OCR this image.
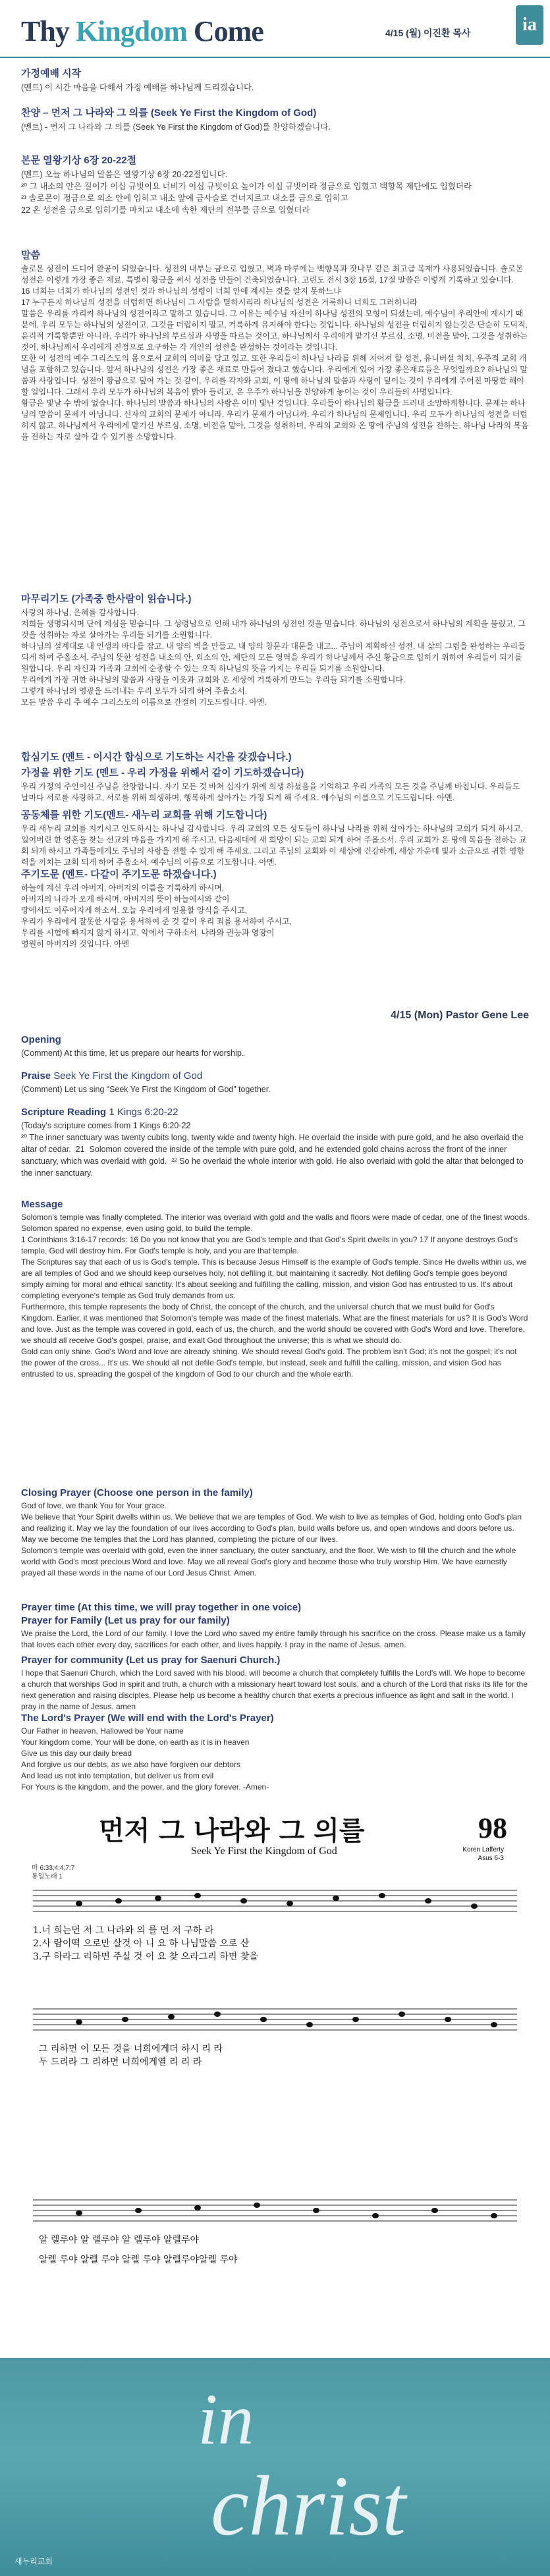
Thy Kingdom Come	4/15 (월) 이진환 목사	ia

가정예배 시작

(멘트) 이 시간 마음을 다해서 가정 예배를 하나님께 드리겠습니다.

찬양 – 먼저 그 나라와 그 의를 (Seek Ye First the Kingdom of God)

(멘트) - 먼저 그 나라와 그 의를 (Seek Ye First the Kingdom of God)를 찬양하겠습니다.

본문 열왕기상 6장 20-22절

(멘트) 오늘 하나님의 말씀은 열왕기상 6장 20-22절입니다.

²⁰ 그 내소의 안은 길이가 이십 규빗이요 너비가 이십 규빗이요 높이가 이십 규빗이라 정금으로 입혔고 백향목 제단에도 입혔더라

²¹ 솔로몬이 정금으로 외소 안에 입히고 내소 앞에 금사슬로 건너지르고 내소를 금으로 입히고

22 온 성전을 금으로 입히기를 마치고 내소에 속한 제단의 전부를 금으로 입혔더라

말씀

솔로몬 성전이 드디어 완공이 되었습니다. 성전의 내부는 금으로 입혔고, 벽과 마루에는 백향목과 잣나무 같은 최고급 목재가 사용되었습니다. 솔로몬 성전은 이렇게 가장 좋은 재료, 특별히 황금을 써서 성전을 만들어 건축되었습니다. 고린도 전서 3장 16절, 17절 말씀은 이렇게 기록하고 있습니다.
16 너희는 너희가 하나님의 성전인 것과 하나님의 성령이 너희 안에 계시는 것을 알지 못하느냐
17 누구든지 하나님의 성전을 더럽히면 하나님이 그 사람을 멸하시리라 하나님의 성전은 거룩하니 너희도 그러하니라
말씀은 우리를 가리켜 하나님의 성전이라고 말하고 있습니다. 그 이유는 예수님 자신이 하나님 성전의 모형이 되셨는데, 예수님이 우리안에 계시기 때문에, 우리 모두는 하나님의 성전이고, 그것을 더럽히지 말고, 거룩하게 유지해야 한다는 것입니다. 하나님의 성전을 더럽히지 않는것은 단순히 도덕적, 윤리적 거룩함뿐만 아니라, 우리가 하나님의 부르심과 사명을 따르는 것이고, 하나님께서 우리에게 맡기신 부르심, 소명, 비전을 맡아, 그것을 성취하는 것이, 하나님께서 우리에게 진정으로 요구하는 각 개인의 성전을 완성하는 것이라는 것입니다.
또한 이 성전의 예수 그리스도의 몸으로서 교회의 의미를 담고 있고, 또한 우리들이 하나님 나라를 위해 지어져 할 성전, 유니버설 처치, 우주적 교회 개념을 포함하고 있습니다. 앞서 하나님의 성전은 가장 좋은 재료로 만들어 졌다고 했습니다. 우리에게 있어 가장 좋은재료들은 무엇일까요? 하나님의 말씀과 사랑입니다. 성전이 황금으로 덮여 가는 것 같이, 우리를 각자와 교회, 이 땅에 하나님의 말씀과 사랑이 덮이는 것이 우리에게 주어진 마땅한 해야 할 일입니다. 그래서 우리 모두가 하나님의 복음이 밝아 들리고, 온 우주가 하나님을 찬양하게 놓이는 것이 우리들의 사명입니다.
황금은 빛날 수 밖에 없습니다. 하나님의 말씀과 하나님의 사랑은 이미 빛난 것입니다. 우리들이 하나님의 황금을 드러내 소망하게합니다. 문제는 하나님의 말씀이 문제가 아닙니다. 신자의 교회의 문제가 아니라, 우리가 문제가 아닙니까. 우리가 하나님의 문제입니다. 우리 모두가 하나님의 성전을 더럽히지 않고, 하나님께서 우리에게 맡기신 부르심, 소명, 비전을 맡아, 그것을 성취하며, 우리의 교회와 온 땅에 주님의 성전을 전하는, 하나님 나라의 복음을 전하는 자로 살아 갈 수 있기를 소망합니다.

마무리기도 (가족중 한사람이 읽습니다.)

사랑의 하나님, 은혜를 감사합니다.
저희들 생명되시며 단에 계심을 믿습니다. 그 성령님으로 인해 내가 하나님의 성전인 것을 믿습니다. 하나님의 성전으로서 하나님의 계획을 불렀고, 그것을 성취하는 자로 살아가는 우리들 되기를 소원합니다.
하나님의 설계대로 내 인생의 바다를 잡고, 내 양의 벽을 만들고, 내 양의 창문과 대문을 내고... 주님이 계획하신 성전, 내 삶의 그림을 완성하는 우리들 되게 하여 주옵소서. 주님의 뜻한 성전을 내소의 안, 외소의 안, 제단의 모든 영역을 우리가 하나님께서 주신 황금으로 입히기 위하여 우리들이 되기를 원합니다. 우리 자신과 가족과 교회에 순종할 수 있는 오직 하나님의 뜻을 가지는 우리들 되기를 소원합니다.
우리에게 가장 귀한 하나님의 말씀과 사랑을 이웃과 교회와 온 세상에 거룩하게 만드는 우리들 되기를 소원합니다.
그렇게 하나님의 영광을 드러내는 우리 모두가 되게 하여 주옵소서.
모든 말씀 우리 주 예수 그리스도의 이름으로 간절히 기도드립니다. 아멘.

합심기도 (멘트 - 이시간 합심으로 기도하는 시간을 갖겠습니다.)

가정을 위한 기도 (멘트 - 우리 가정을 위해서 같이 기도하겠습니다)

우리 가정의 주인이신 주님을 찬양합니다. 자기 모든 것 바쳐 십자가 위에 희생 하셨음을 기억하고 우리 가족의 모든 것을 주님께 바칩니다. 우리들도 날마다 서로를 사랑하고, 서로를 위해 희생하며, 행복하게 살아가는 가정 되게 해 주세요. 예수님의 이름으로 기도드립니다. 아멘.

공동체를 위한 기도(멘트- 새누리 교회를 위해 기도합니다)

우리 새누리 교회를 지키시고 인도하시는 하나님 감사합니다. 우리 교회의 모든 성도들이 하나님 나라를 위해 살아가는 하나님의 교회가 되게 하시고, 일어버린 한 영혼을 찾는 선교의 마음을 가지게 해 주시고, 다음세대에 새 희망이 되는 교회 되게 하여 주옵소서. 우리 교회가 온 땅에 복음을 전하는 교회 되게 하시고 가족들에게도 주님의 사랑을 전할 수 있게 해 주세요. 그리고 주님의 교회와 이 세상에 건강하게, 세상 가운데 빛과 소금으로 귀한 영향력을 끼치는 교회 되게 하여 주옵소서. 예수님의 이름으로 기도합니다. 아멘.

주기도문 (멘트- 다같이 주기도문 하겠습니다.)

하늘에 계신 우리 아버지, 아버지의 이름을 거룩하게 하시며,
아버지의 나라가 오게 하시며, 아버지의 뜻이 하늘에서와 같이
땅에서도 이루어지게 하소서. 오늘 우리에게 일용할 양식을 주시고,
우리가 우리에게 잘못한 사람을 용서하여 준 것 같이 우리 죄를 용서하여 주시고,
우리를 시험에 빠지지 않게 하시고, 악에서 구하소서. 나라와 권능과 영광이
영원히 아버지의 것입니다. 아멘

4/15 (Mon) Pastor Gene Lee

Opening

(Comment) At this time, let us prepare our hearts for worship.

Praise Seek Ye First the Kingdom of God

(Comment) Let us sing “Seek Ye First the Kingdom of God” together.

Scripture Reading 1 Kings 6:20-22

(Today's scripture comes from 1 Kings 6:20-22

²⁰ The inner sanctuary was twenty cubits long, twenty wide and twenty high. He overlaid the inside with pure gold, and he also overlaid the altar of cedar.  21  Solomon covered the inside of the temple with pure gold, and he extended gold chains across the front of the inner sanctuary, which was overlaid with gold.  ²² So he overlaid the whole interior with gold. He also overlaid with gold the altar that belonged to the inner sanctuary.

Message

Solomon's temple was finally completed. The interior was overlaid with gold and the walls and floors were made of cedar, one of the finest woods. Solomon spared no expense, even using gold, to build the temple.
1 Corinthians 3:16-17 records: 16 Do you not know that you are God's temple and that God's Spirit dwells in you? 17 If anyone destroys God's temple, God will destroy him. For God's temple is holy, and you are that temple.
The Scriptures say that each of us is God's temple. This is because Jesus Himself is the example of God's temple. Since He dwells within us, we are all temples of God and we should keep ourselves holy, not defiling it, but maintaining it sacredly. Not defiling God's temple goes beyond simply aiming for moral and ethical sanctity. It's about seeking and fulfilling the calling, mission, and vision God has entrusted to us. It's about completing everyone's temple as God truly demands from us.
Furthermore, this temple represents the body of Christ, the concept of the church, and the universal church that we must build for God's Kingdom. Earlier, it was mentioned that Solomon's temple was made of the finest materials. What are the finest materials for us? It is God's Word and love. Just as the temple was covered in gold, each of us, the church, and the world should be covered with God's Word and love. Therefore, we should all receive God's gospel, praise, and exalt God throughout the universe; this is what we should do.
Gold can only shine. God's Word and love are already shining. We should reveal God's gold. The problem isn't God; it's not the gospel; it's not the power of the cross... It's us. We should all not defile God's temple, but instead, seek and fulfill the calling, mission, and vision God has entrusted to us, spreading the gospel of the kingdom of God to our church and the whole earth.

Closing Prayer (Choose one person in the family)

God of love, we thank You for Your grace.
We believe that Your Spirit dwells within us. We believe that we are temples of God. We wish to live as temples of God, holding onto God's plan and realizing it. May we lay the foundation of our lives according to God's plan, build walls before us, and open windows and doors before us. May we become the temples that the Lord has planned, completing the picture of our lives.
Solomon's temple was overlaid with gold, even the inner sanctuary, the outer sanctuary, and the floor. We wish to fill the church and the whole world with God's most precious Word and love. May we all reveal God's glory and become those who truly worship Him. We have earnestly prayed all these words in the name of our Lord Jesus Christ. Amen.

Prayer time (At this time, we will pray together in one voice)

Prayer for Family (Let us pray for our family)

We praise the Lord, the Lord of our family. I love the Lord who saved my entire family through his sacrifice on the cross. Please make us a family that loves each other every day, sacrifices for each other, and lives happily. I pray in the name of Jesus. amen.

Prayer for community (Let us pray for Saenuri Church.)

I hope that Saenuri Church, which the Lord saved with his blood, will become a church that completely fulfills the Lord's will. We hope to become a church that worships God in spirit and truth, a church with a missionary heart toward lost souls, and a church of the Lord that risks its life for the next generation and raising disciples. Please help us become a healthy church that exerts a precious influence as light and salt in the world. I pray in the name of Jesus. amen

The Lord's Prayer (We will end with the Lord's Prayer)

Our Father in heaven, Hallowed be Your name
Your kingdom come, Your will be done, on earth as it is in heaven
Give us this day our daily bread
And forgive us our debts, as we also have forgiven our debtors
And lead us not into temptation, but deliver us from evil
For Yours is the kingdom, and the power, and the glory forever. -Amen-

먼저 그 나라와 그 의를
Seek Ye First the Kingdom of God
98
Koren Lafferty
Asus 6-3
마 6:33;4:4;7:7
통일노래 1
1.너 희는먼 저 그 나라와 의 를 먼 저 구하 라
2.사 람이떡 으로만 살것 아 니 요 하 나님말씀 으로 산
3.구 하라그 리하면 주실 것 이 요 찾 으라그리 하면 찾을
그 리하면 이 모든 것을 너희에게더 하시 리 라
두 드리라 그 리하면 너희에게열 리 리 라
알 렐루야 알 렐루야 알 렐루야 알렐루야
알렐 루야 알렐 루야 알렐 루야 알렐루야알렐 루야
in
christ
새누리교회
